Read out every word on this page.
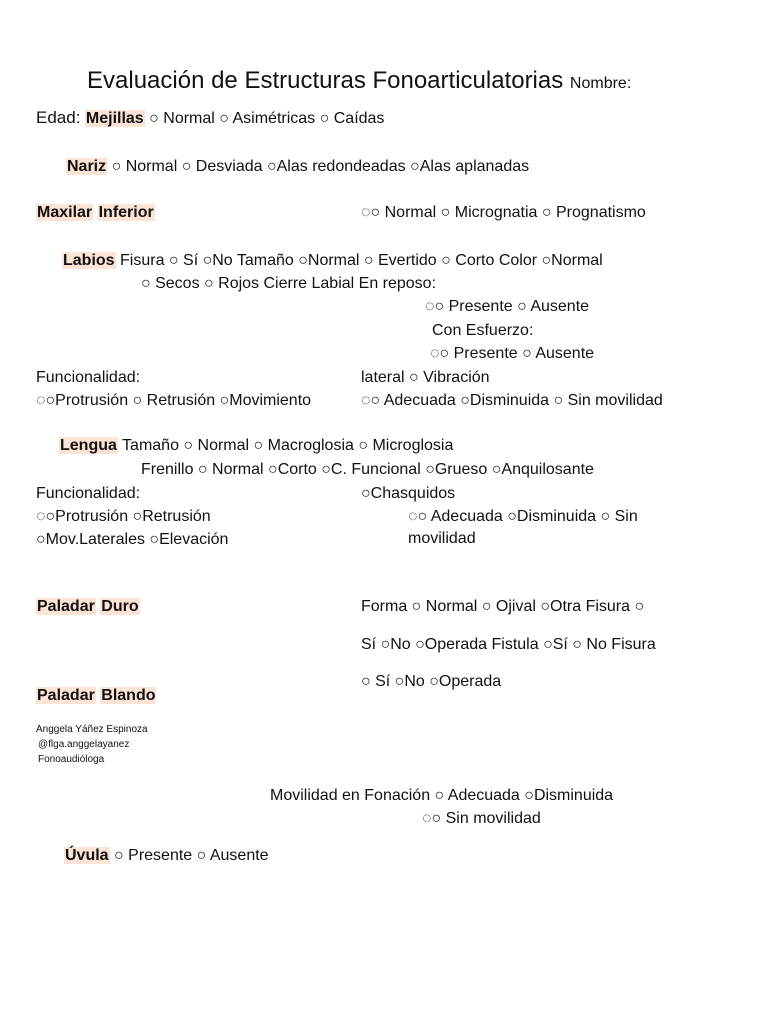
Evaluación de Estructuras Fonoarticulatorias Nombre:
Edad: Mejillas ○ Normal ○ Asimétricas ○ Caídas
Nariz ○ Normal ○ Desviada ○Alas redondeadas ○Alas aplanadas
Maxilar Inferior	◌○ Normal ○ Micrognatia ○ Prognatismo
Labios Fisura ○ Sí ○No Tamaño ○Normal ○ Evertido ○ Corto Color ○Normal
○ Secos ○ Rojos Cierre Labial En reposo:
◌○ Presente ○ Ausente
Con Esfuerzo:
◌○ Presente ○ Ausente
Funcionalidad:	lateral ○ Vibración
◌○Protrusión ○ Retrusión ○Movimiento	◌○ Adecuada ○Disminuida ○ Sin movilidad
Lengua Tamaño ○ Normal ○ Macroglosia ○ Microglosia
Frenillo ○ Normal ○Corto ○C. Funcional ○Grueso ○Anquilosante
Funcionalidad:	○Chasquidos
◌○Protrusión ○Retrusión	◌○ Adecuada ○Disminuida ○ Sin
○Mov.Laterales ○Elevación	movilidad
Paladar Duro	Forma ○ Normal ○ Ojival ○Otra Fisura ○
Sí ○No ○Operada Fistula ○Sí ○ No Fisura
○ Sí ○No ○Operada
Paladar Blando
Anggela Yáñez Espinoza
@flga.anggelayanez
Fonoaudióloga
Movilidad en Fonación ○ Adecuada ○Disminuida
◌○ Sin movilidad
Úvula ○ Presente ○ Ausente
